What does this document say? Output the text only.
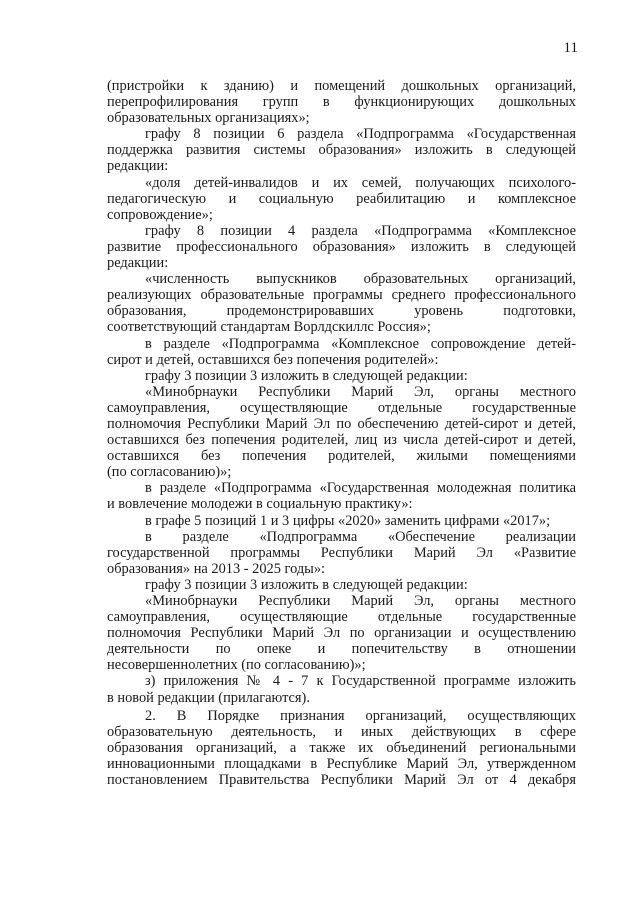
11

(пристройки к зданию) и помещений дошкольных организаций,

перепрофилирования групп в функционирующих дошкольных

образовательных организациях»;

графу 8 позиции 6 раздела «Подпрограмма «Государственная

поддержка развития системы образования» изложить в следующей

редакции:

«доля детей-инвалидов и их семей, получающих психолого-

педагогическую и социальную реабилитацию и комплексное

сопровождение»;

графу 8 позиции 4 раздела «Подпрограмма «Комплексное

развитие профессионального образования» изложить в следующей

редакции:

«численность выпускников образовательных организаций,

реализующих образовательные программы среднего профессионального

образования, продемонстрировавших уровень подготовки,

соответствующий стандартам Ворлдскиллс Россия»;

в разделе «Подпрограмма «Комплексное сопровождение детей-

сирот и детей, оставшихся без попечения родителей»:

графу 3 позиции 3 изложить в следующей редакции:

«Минобрнауки Республики Марий Эл, органы местного

самоуправления, осуществляющие отдельные государственные

полномочия Республики Марий Эл по обеспечению детей-сирот и детей,

оставшихся без попечения родителей, лиц из числа детей-сирот и детей,

оставшихся без попечения родителей, жилыми помещениями

(по согласованию)»;

в разделе «Подпрограмма «Государственная молодежная политика

и вовлечение молодежи в социальную практику»:

в графе 5 позиций 1 и 3 цифры «2020» заменить цифрами «2017»;

в разделе «Подпрограмма «Обеспечение реализации

государственной программы Республики Марий Эл «Развитие

образования» на 2013 - 2025 годы»:

графу 3 позиции 3 изложить в следующей редакции:

«Минобрнауки Республики Марий Эл, органы местного

самоуправления, осуществляющие отдельные государственные

полномочия Республики Марий Эл по организации и осуществлению

деятельности по опеке и попечительству в отношении

несовершеннолетних (по согласованию)»;

з) приложения № 4 - 7 к Государственной программе изложить

в новой редакции (прилагаются).

2. В Порядке признания организаций, осуществляющих

образовательную деятельность, и иных действующих в сфере

образования организаций, а также их объединений региональными

инновационными площадками в Республике Марий Эл, утвержденном

постановлением Правительства Республики Марий Эл от 4 декабря
